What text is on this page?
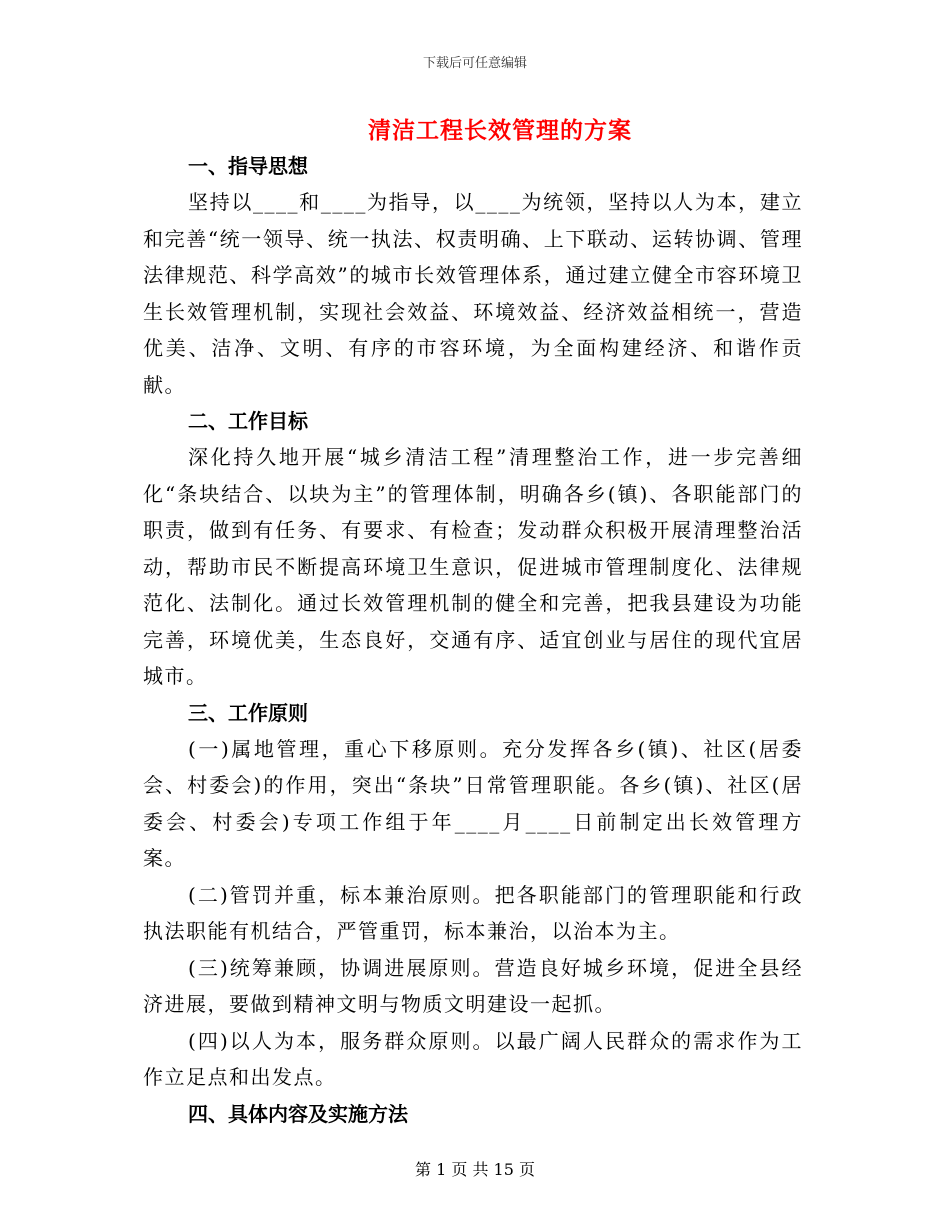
下载后可任意编辑
清洁工程长效管理的方案
一、指导思想

坚持以____和____为指导，以____为统领，坚持以人为本，建立和完善“统一领导、统一执法、权责明确、上下联动、运转协调、管理法律规范、科学高效”的城市长效管理体系，通过建立健全市容环境卫生长效管理机制，实现社会效益、环境效益、经济效益相统一，营造优美、洁净、文明、有序的市容环境，为全面构建经济、和谐作贡献。

二、工作目标

深化持久地开展“城乡清洁工程”清理整治工作，进一步完善细化“条块结合、以块为主”的管理体制，明确各乡(镇)、各职能部门的职责，做到有任务、有要求、有检查；发动群众积极开展清理整治活动，帮助市民不断提高环境卫生意识，促进城市管理制度化、法律规范化、法制化。通过长效管理机制的健全和完善，把我县建设为功能完善，环境优美，生态良好，交通有序、适宜创业与居住的现代宜居城市。

三、工作原则

(一)属地管理，重心下移原则。充分发挥各乡(镇)、社区(居委会、村委会)的作用，突出“条块”日常管理职能。各乡(镇)、社区(居委会、村委会)专项工作组于年____月____日前制定出长效管理方案。

(二)管罚并重，标本兼治原则。把各职能部门的管理职能和行政执法职能有机结合，严管重罚，标本兼治，以治本为主。

(三)统筹兼顾，协调进展原则。营造良好城乡环境，促进全县经济进展，要做到精神文明与物质文明建设一起抓。

(四)以人为本，服务群众原则。以最广阔人民群众的需求作为工作立足点和出发点。

四、具体内容及实施方法
第 1 页 共 15 页
